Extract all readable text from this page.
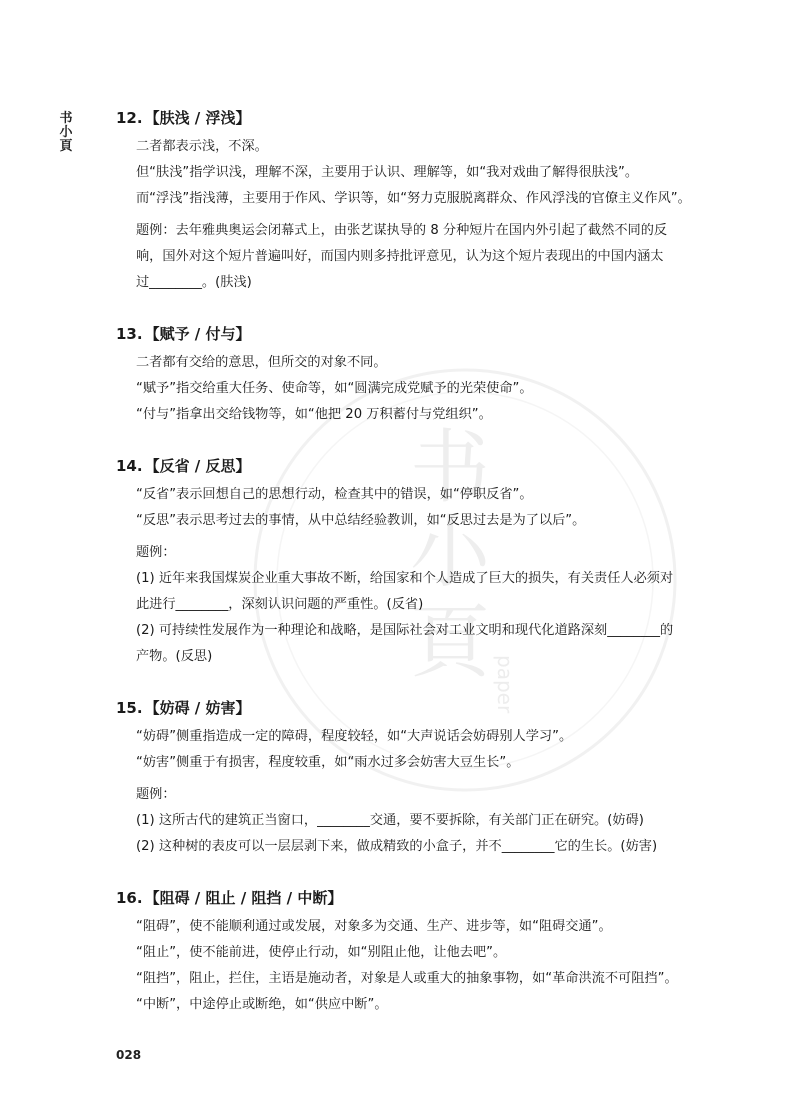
书
小
頁
书
小
頁 paper
12. 【肤浅 / 浮浅】

二者都表示浅，不深。

但“肤浅”指学识浅，理解不深，主要用于认识、理解等，如“我对戏曲了解得很肤浅”。

而“浮浅”指浅薄，主要用于作风、学识等，如“努力克服脱离群众、作风浮浅的官僚主义作风”。

题例：去年雅典奥运会闭幕式上，由张艺谋执导的 8 分种短片在国内外引起了截然不同的反响，国外对这个短片普遍叫好，而国内则多持批评意见，认为这个短片表现出的中国内涵太过________。(肤浅)

13. 【赋予 / 付与】

二者都有交给的意思，但所交的对象不同。

“赋予”指交给重大任务、使命等，如“圆满完成党赋予的光荣使命”。

“付与”指拿出交给钱物等，如“他把 20 万积蓄付与党组织”。

14. 【反省 / 反思】

“反省”表示回想自己的思想行动，检查其中的错误，如“停职反省”。

“反思”表示思考过去的事情，从中总结经验教训，如“反思过去是为了以后”。

题例：

(1) 近年来我国煤炭企业重大事故不断，给国家和个人造成了巨大的损失，有关责任人必须对此进行________，深刻认识问题的严重性。(反省)

(2) 可持续性发展作为一种理论和战略，是国际社会对工业文明和现代化道路深刻________的产物。(反思)

15. 【妨碍 / 妨害】

“妨碍”侧重指造成一定的障碍，程度较轻，如“大声说话会妨碍别人学习”。

“妨害”侧重于有损害，程度较重，如“雨水过多会妨害大豆生长”。

题例：

(1) 这所古代的建筑正当窗口，________交通，要不要拆除，有关部门正在研究。(妨碍)

(2) 这种树的表皮可以一层层剥下来，做成精致的小盒子，并不________它的生长。(妨害)

16. 【阻碍 / 阻止 / 阻挡 / 中断】

“阻碍”，使不能顺利通过或发展，对象多为交通、生产、进步等，如“阻碍交通”。

“阻止”，使不能前进，使停止行动，如“别阻止他，让他去吧”。

“阻挡”，阻止，拦住，主语是施动者，对象是人或重大的抽象事物，如“革命洪流不可阻挡”。

“中断”，中途停止或断绝，如“供应中断”。

028
